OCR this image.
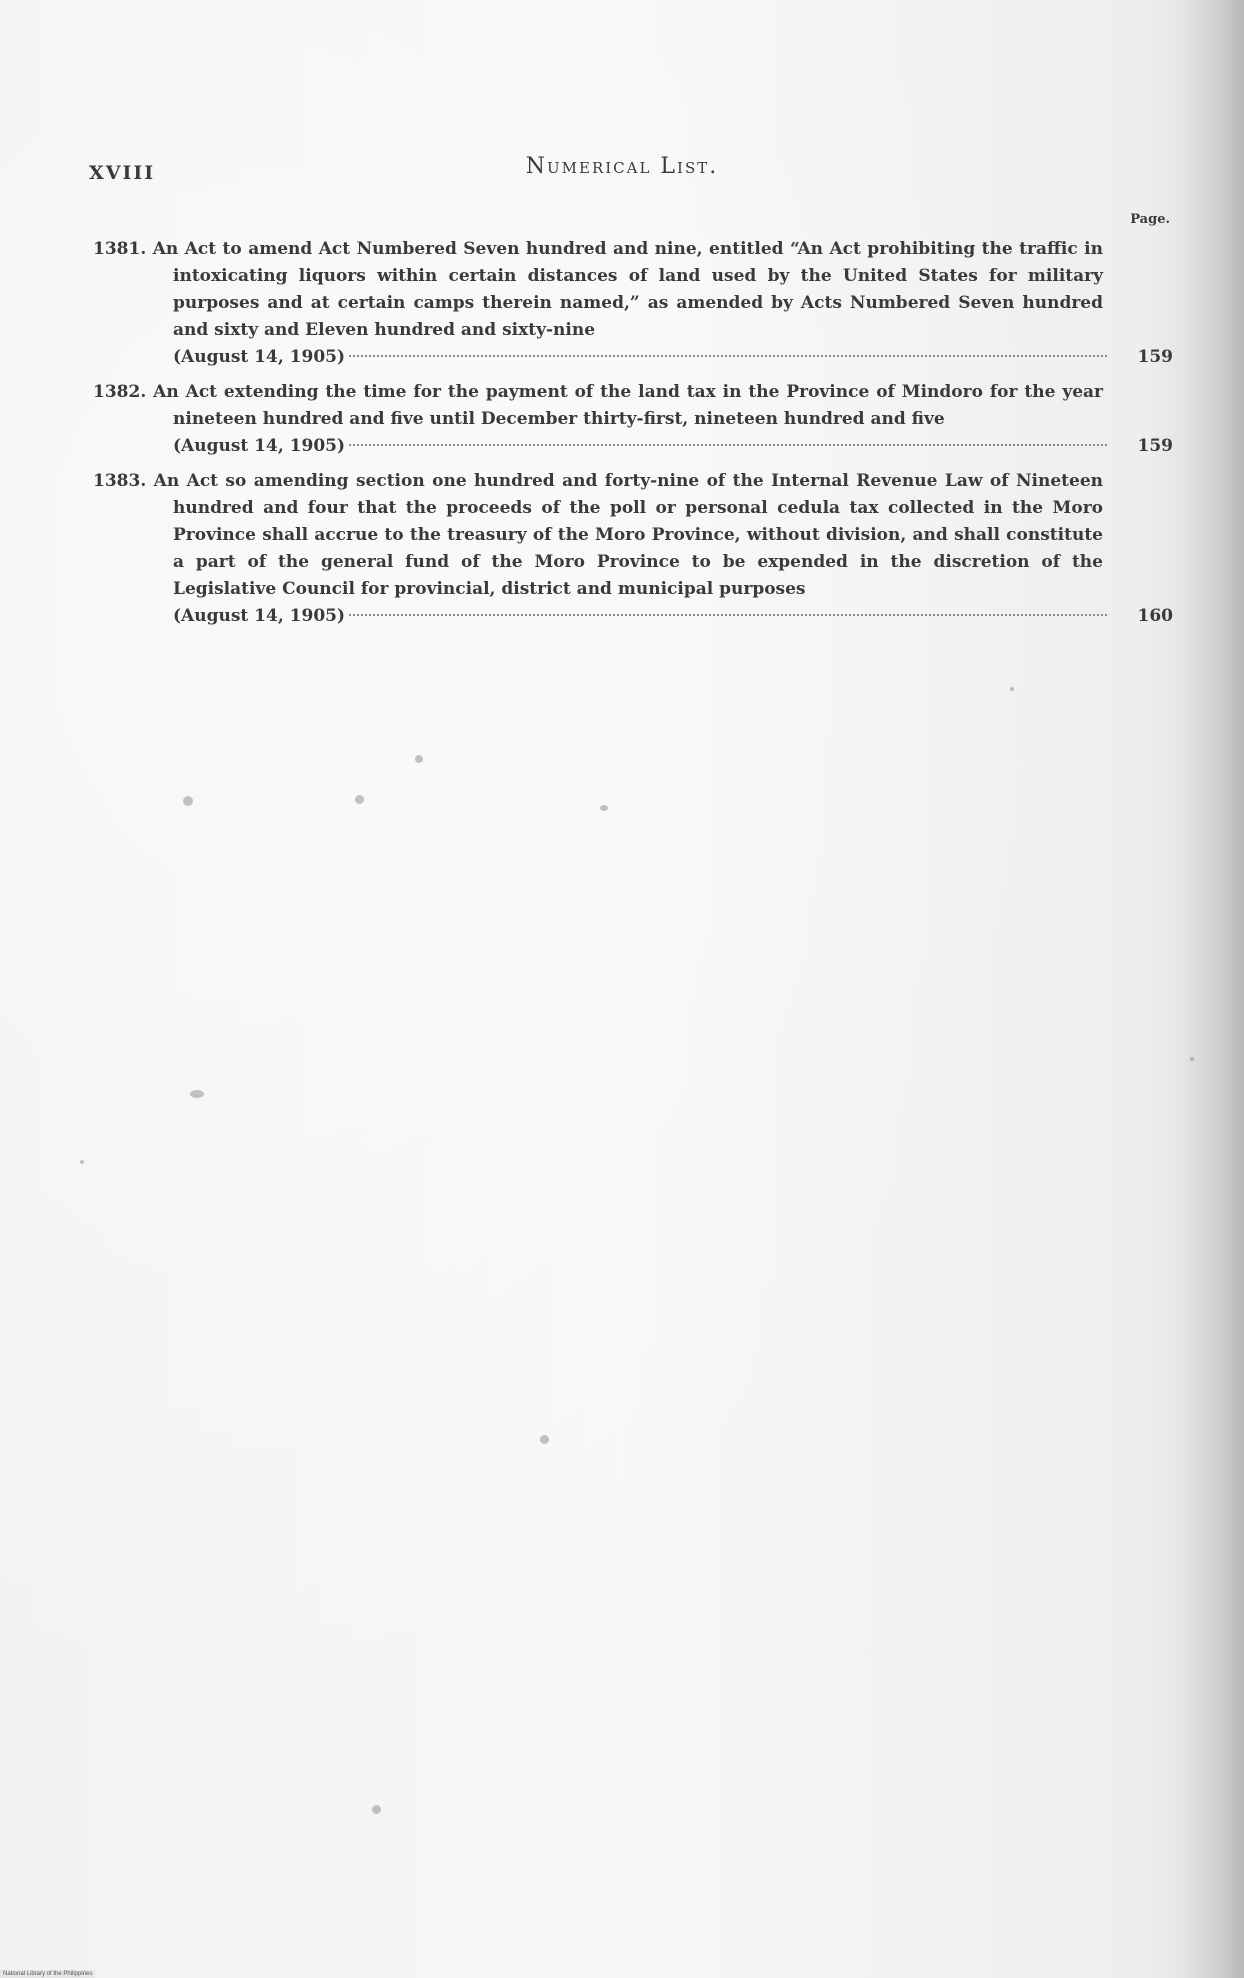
XVIII	Numerical List.
Page.
1381. An Act to amend Act Numbered Seven hundred and nine, entitled “An Act prohibiting the traffic in intoxicating liquors within certain distances of land used by the United States for military purposes and at certain camps therein named,” as amended by Acts Numbered Seven hundred and sixty and Eleven hundred and sixty-nine
(August 14, 1905)	159
1382. An Act extending the time for the payment of the land tax in the Province of Mindoro for the year nineteen hundred and five until December thirty-first, nineteen hundred and five
(August 14, 1905)	159
1383. An Act so amending section one hundred and forty-nine of the Internal Revenue Law of Nineteen hundred and four that the proceeds of the poll or personal cedula tax collected in the Moro Province shall accrue to the treasury of the Moro Province, without division, and shall constitute a part of the general fund of the Moro Province to be expended in the discretion of the Legislative Council for provincial, district and municipal purposes
(August 14, 1905)	160
National Library of the Philippines
